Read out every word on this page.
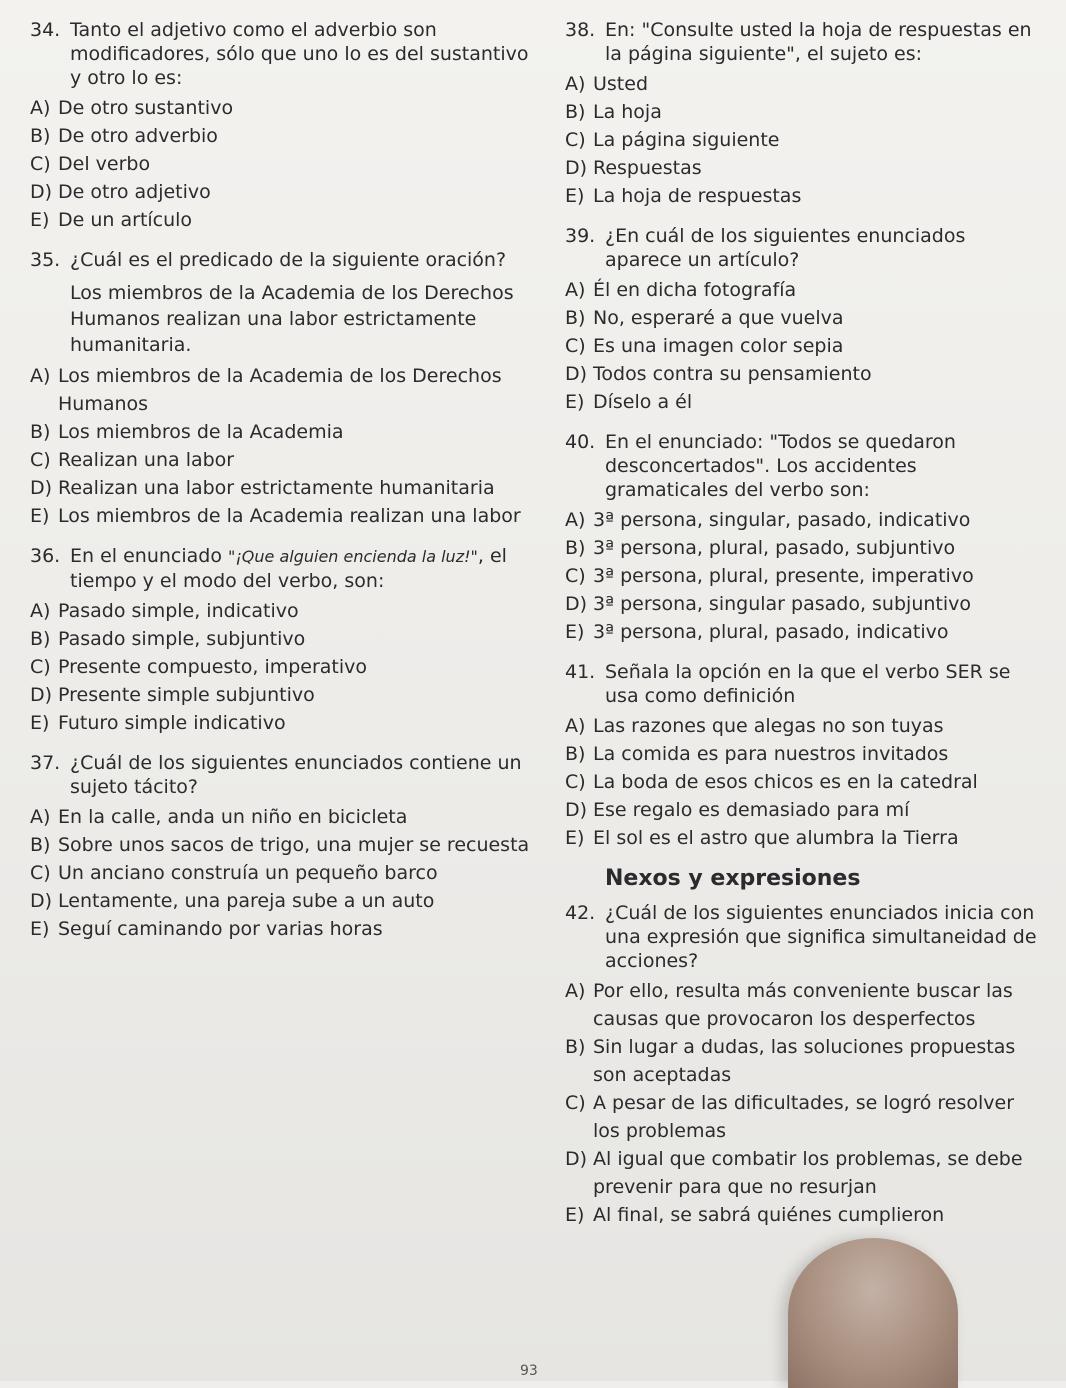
34. Tanto el adjetivo como el adverbio son modificadores, sólo que uno lo es del sustantivo y otro lo es:
A) De otro sustantivo
B) De otro adverbio
C) Del verbo
D) De otro adjetivo
E) De un artículo
35. ¿Cuál es el predicado de la siguiente oración?
Los miembros de la Academia de los Derechos Humanos realizan una labor estrictamente humanitaria.
A) Los miembros de la Academia de los Derechos Humanos
B) Los miembros de la Academia
C) Realizan una labor
D) Realizan una labor estrictamente humanitaria
E) Los miembros de la Academia realizan una labor
36. En el enunciado "¡Que alguien encienda la luz!", el tiempo y el modo del verbo, son:
A) Pasado simple, indicativo
B) Pasado simple, subjuntivo
C) Presente compuesto, imperativo
D) Presente simple subjuntivo
E) Futuro simple indicativo
37. ¿Cuál de los siguientes enunciados contiene un sujeto tácito?
A) En la calle, anda un niño en bicicleta
B) Sobre unos sacos de trigo, una mujer se recuesta
C) Un anciano construía un pequeño barco
D) Lentamente, una pareja sube a un auto
E) Seguí caminando por varias horas
38. En: "Consulte usted la hoja de respuestas en la página siguiente", el sujeto es:
A) Usted
B) La hoja
C) La página siguiente
D) Respuestas
E) La hoja de respuestas
39. ¿En cuál de los siguientes enunciados aparece un artículo?
A) Él en dicha fotografía
B) No, esperaré a que vuelva
C) Es una imagen color sepia
D) Todos contra su pensamiento
E) Díselo a él
40. En el enunciado: "Todos se quedaron desconcertados". Los accidentes gramaticales del verbo son:
A) 3ª persona, singular, pasado, indicativo
B) 3ª persona, plural, pasado, subjuntivo
C) 3ª persona, plural, presente, imperativo
D) 3ª persona, singular pasado, subjuntivo
E) 3ª persona, plural, pasado, indicativo
41. Señala la opción en la que el verbo SER se usa como definición
A) Las razones que alegas no son tuyas
B) La comida es para nuestros invitados
C) La boda de esos chicos es en la catedral
D) Ese regalo es demasiado para mí
E) El sol es el astro que alumbra la Tierra
Nexos y expresiones
42. ¿Cuál de los siguientes enunciados inicia con una expresión que significa simultaneidad de acciones?
A) Por ello, resulta más conveniente buscar las causas que provocaron los desperfectos
B) Sin lugar a dudas, las soluciones propuestas son aceptadas
C) A pesar de las dificultades, se logró resolver los problemas
D) Al igual que combatir los problemas, se debe prevenir para que no resurjan
E) Al final, se sabrá quiénes cumplieron
93
